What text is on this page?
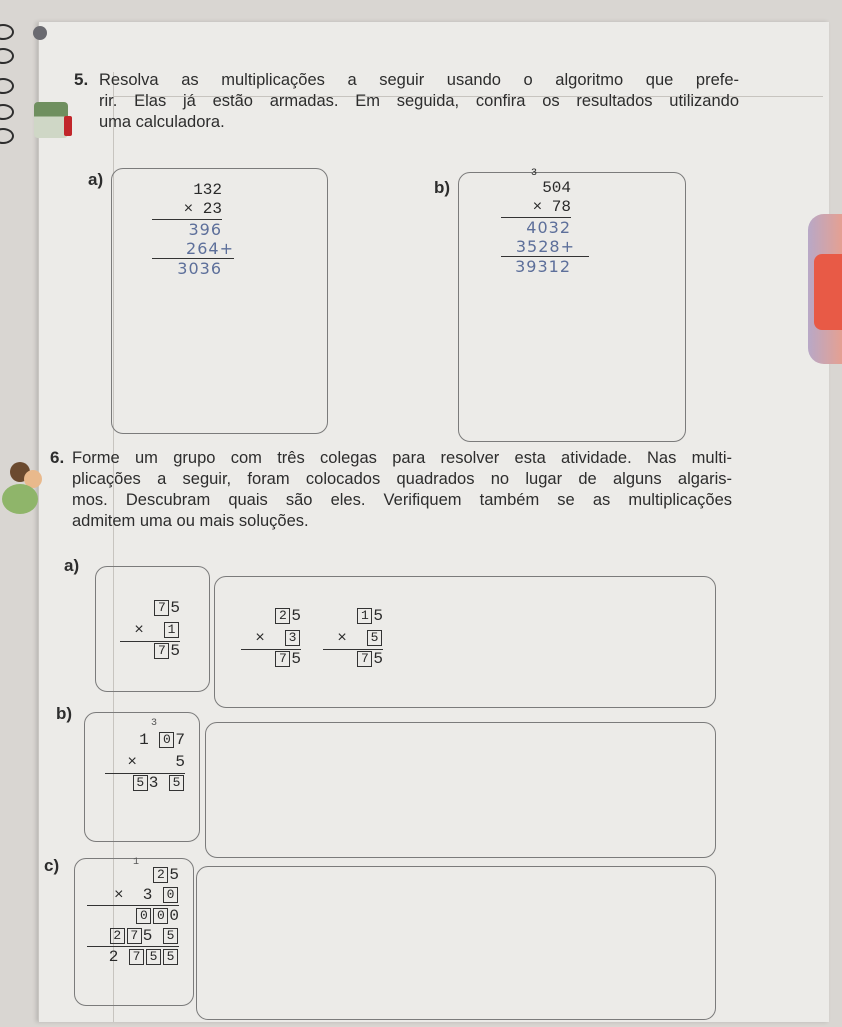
5. Resolva as multiplicações a seguir usando o algoritmo que prefe-

rir. Elas já estão armadas. Em seguida, confira os resultados utilizando

uma calculadora.

a)
132
× 23
396
264+
3036
b)
3
504
× 78
4032
3528+
39312
6. Forme um grupo com três colegas para resolver esta atividade. Nas multi-

plicações a seguir, foram colocados quadrados no lugar de alguns algaris-

mos. Descubram quais são eles. Verifiquem também se as multiplicações

admitem uma ou mais soluções.

a)
7 5
× 1
7 5
2 5
× 3
7 5
1 5
× 5
7 5
b)
3
1 0 7
× 5
5 3 5
c)	2 5
× 3 0
0 0 0
2 7 5 5
2 7 5 5
1
